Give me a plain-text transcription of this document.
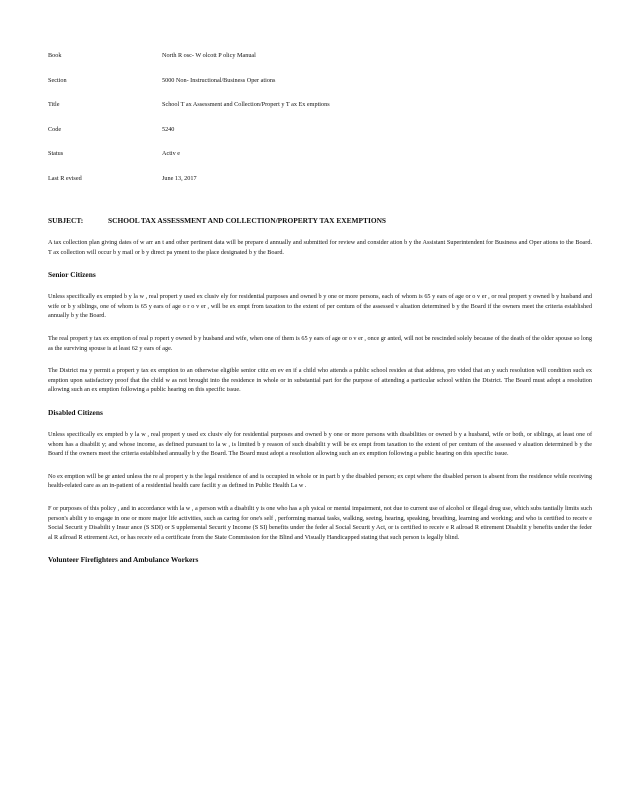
Book	North R osc- W olcott P olicy Manual
Section	5000 Non- Instructional/Business Oper ations
Title	School T ax Assessment and Collection/Propert y T ax Ex emptions
Code	5240
Status	Activ e
Last R evised	June 13, 2017
SUBJECT:	SCHOOL TAX ASSESSMENT AND COLLECTION/PROPERTY TAX EXEMPTIONS

A tax collection plan giving dates of w arr an t and other pertinent data will be prepare d annually and submitted for review and consider ation b y the Assistant Superintendent for Business and Oper ations to the Board. T ax collection will occur b y mail or b y direct pa yment to the place designated b y the Board.

Senior Citizens

Unless specifically ex empted b y la w , real propert y used ex clusiv ely for residential purposes and owned b y one or more persons, each of whom is 65 y ears of age or o v er , or real propert y owned b y husband and wife or b y siblings, one of whom is 65 y ears of age o r o v er , will be ex empt from taxation to the extent of per centum of the assessed v aluation determined b y the Board if the owners meet the criteria established annually b y the Board.

The real propert y tax ex emption of real p ropert y owned b y husband and wife, when one of them is 65 y ears of age or o v er , once gr anted, will not be rescinded solely because of the death of the older spouse so long as the surviving spouse is at least 62 y ears of age.

The District ma y permit a propert y tax ex emption to an otherwise eligible senior citiz en ev en if a child who attends a public school resides at that address, pro vided that an y such resolution will condition such ex emption upon satisfactory proof that the child w as not brought into the residence in whole or in substantial part for the purpose of attending a particular school within the District. The Board must adopt a resolution allowing such an ex emption following a public hearing on this specific issue.

Disabled Citizens

Unless specifically ex empted b y la w , real propert y used ex clusiv ely for residential purposes and owned b y one or more persons with disabilities or owned b y a husband, wife or both, or siblings, at least one of whom has a disabilit y; and whose income, as defined pursuant to la w , is limited b y reason of such disabilit y will be ex empt from taxation to the extent of per centum of the assessed v aluation determined b y the Board if the owners meet the criteria established annually b y the Board. The Board must adopt a resolution allowing such an ex emption following a public hearing on this specific issue.

No ex emption will be gr anted unless the re al propert y is the legal residence of and is occupied in whole or in part b y the disabled person; ex cept where the disabled person is absent from the residence while receiving health-related care as an in-patient of a residential health care facilit y as defined in Public Health La w .

F or purposes of this policy , and in accordance with la w , a person with a disabilit y is one who has a ph ysical or mental impairment, not due to current use of alcohol or illegal drug use, which subs tantially limits such person's abilit y to engage in one or more major life activities, such as caring for one's self , performing manual tasks, walking, seeing, hearing, speaking, breathing, learning and working; and who is certified to receiv e Social Securit y Disabilit y Insur ance (S SDI) or S upplemental Securit y Income (S SI) benefits under the feder al Social Securit y Act, or is certified to receiv e R ailroad R etirement Disabilit y benefits under the feder al R ailroad R etirement Act, or has receiv ed a certificate from the State Commission for the Blind and Visually Handicapped stating that such person is legally blind.

Volunteer Firefighters and Ambulance Workers
